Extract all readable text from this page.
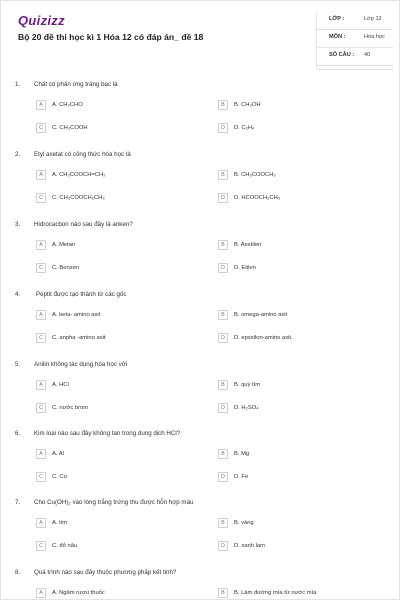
Quizizz
Bộ 20 đề thi học kì 1 Hóa 12 có đáp án_ đề 18
LỚP :	Lớp 12
MÔN :	Hóa học
SỐ CÂU : 40
1. Chất có phản ứng tráng bạc là
A A. CH₃CHO	B B. CH₃OH
C C. CH₃COOH	D D. C₂H₄
2. Etyl axetat có công thức hóa học là
A A. CH₃COOCH=CH₂	B B. CH₃COOCH₃
C C. CH₃COOCH₂CH₃	D D. HCOOCH₂CH₃
3. Hidrocacbon nào sau đây là anken?
A A. Metan	B B. Axetilen
C C. Benzen	D D. Etilen
4.	Peptit được tạo thành từ các gốc
A A. beta- amino axit	B B. omega-amino axit
C C. anpha -amino axit	D D. epsxilon-amino axit.
5. Anilin không tác dụng hóa học với
A A. HCl	B B. quỳ tím
C C. nước brom	D D. H₂SO₄
6. Kim loại nào sau đây không tan trong dung dịch HCl?
A A. Al	B B. Mg
C C. Cu	D D. Fe
7. Cho Cu(OH)₂ vào lòng trắng trứng thu được hỗn hợp màu
A A. tím	B B. vàng
C C. đỏ nâu	D D. xanh lam
8. Quá trình nào sau đây thuộc phương pháp kết tinh?
A A. Ngâm rượu thuốc	B B. Làm đường mía từ nước mía
